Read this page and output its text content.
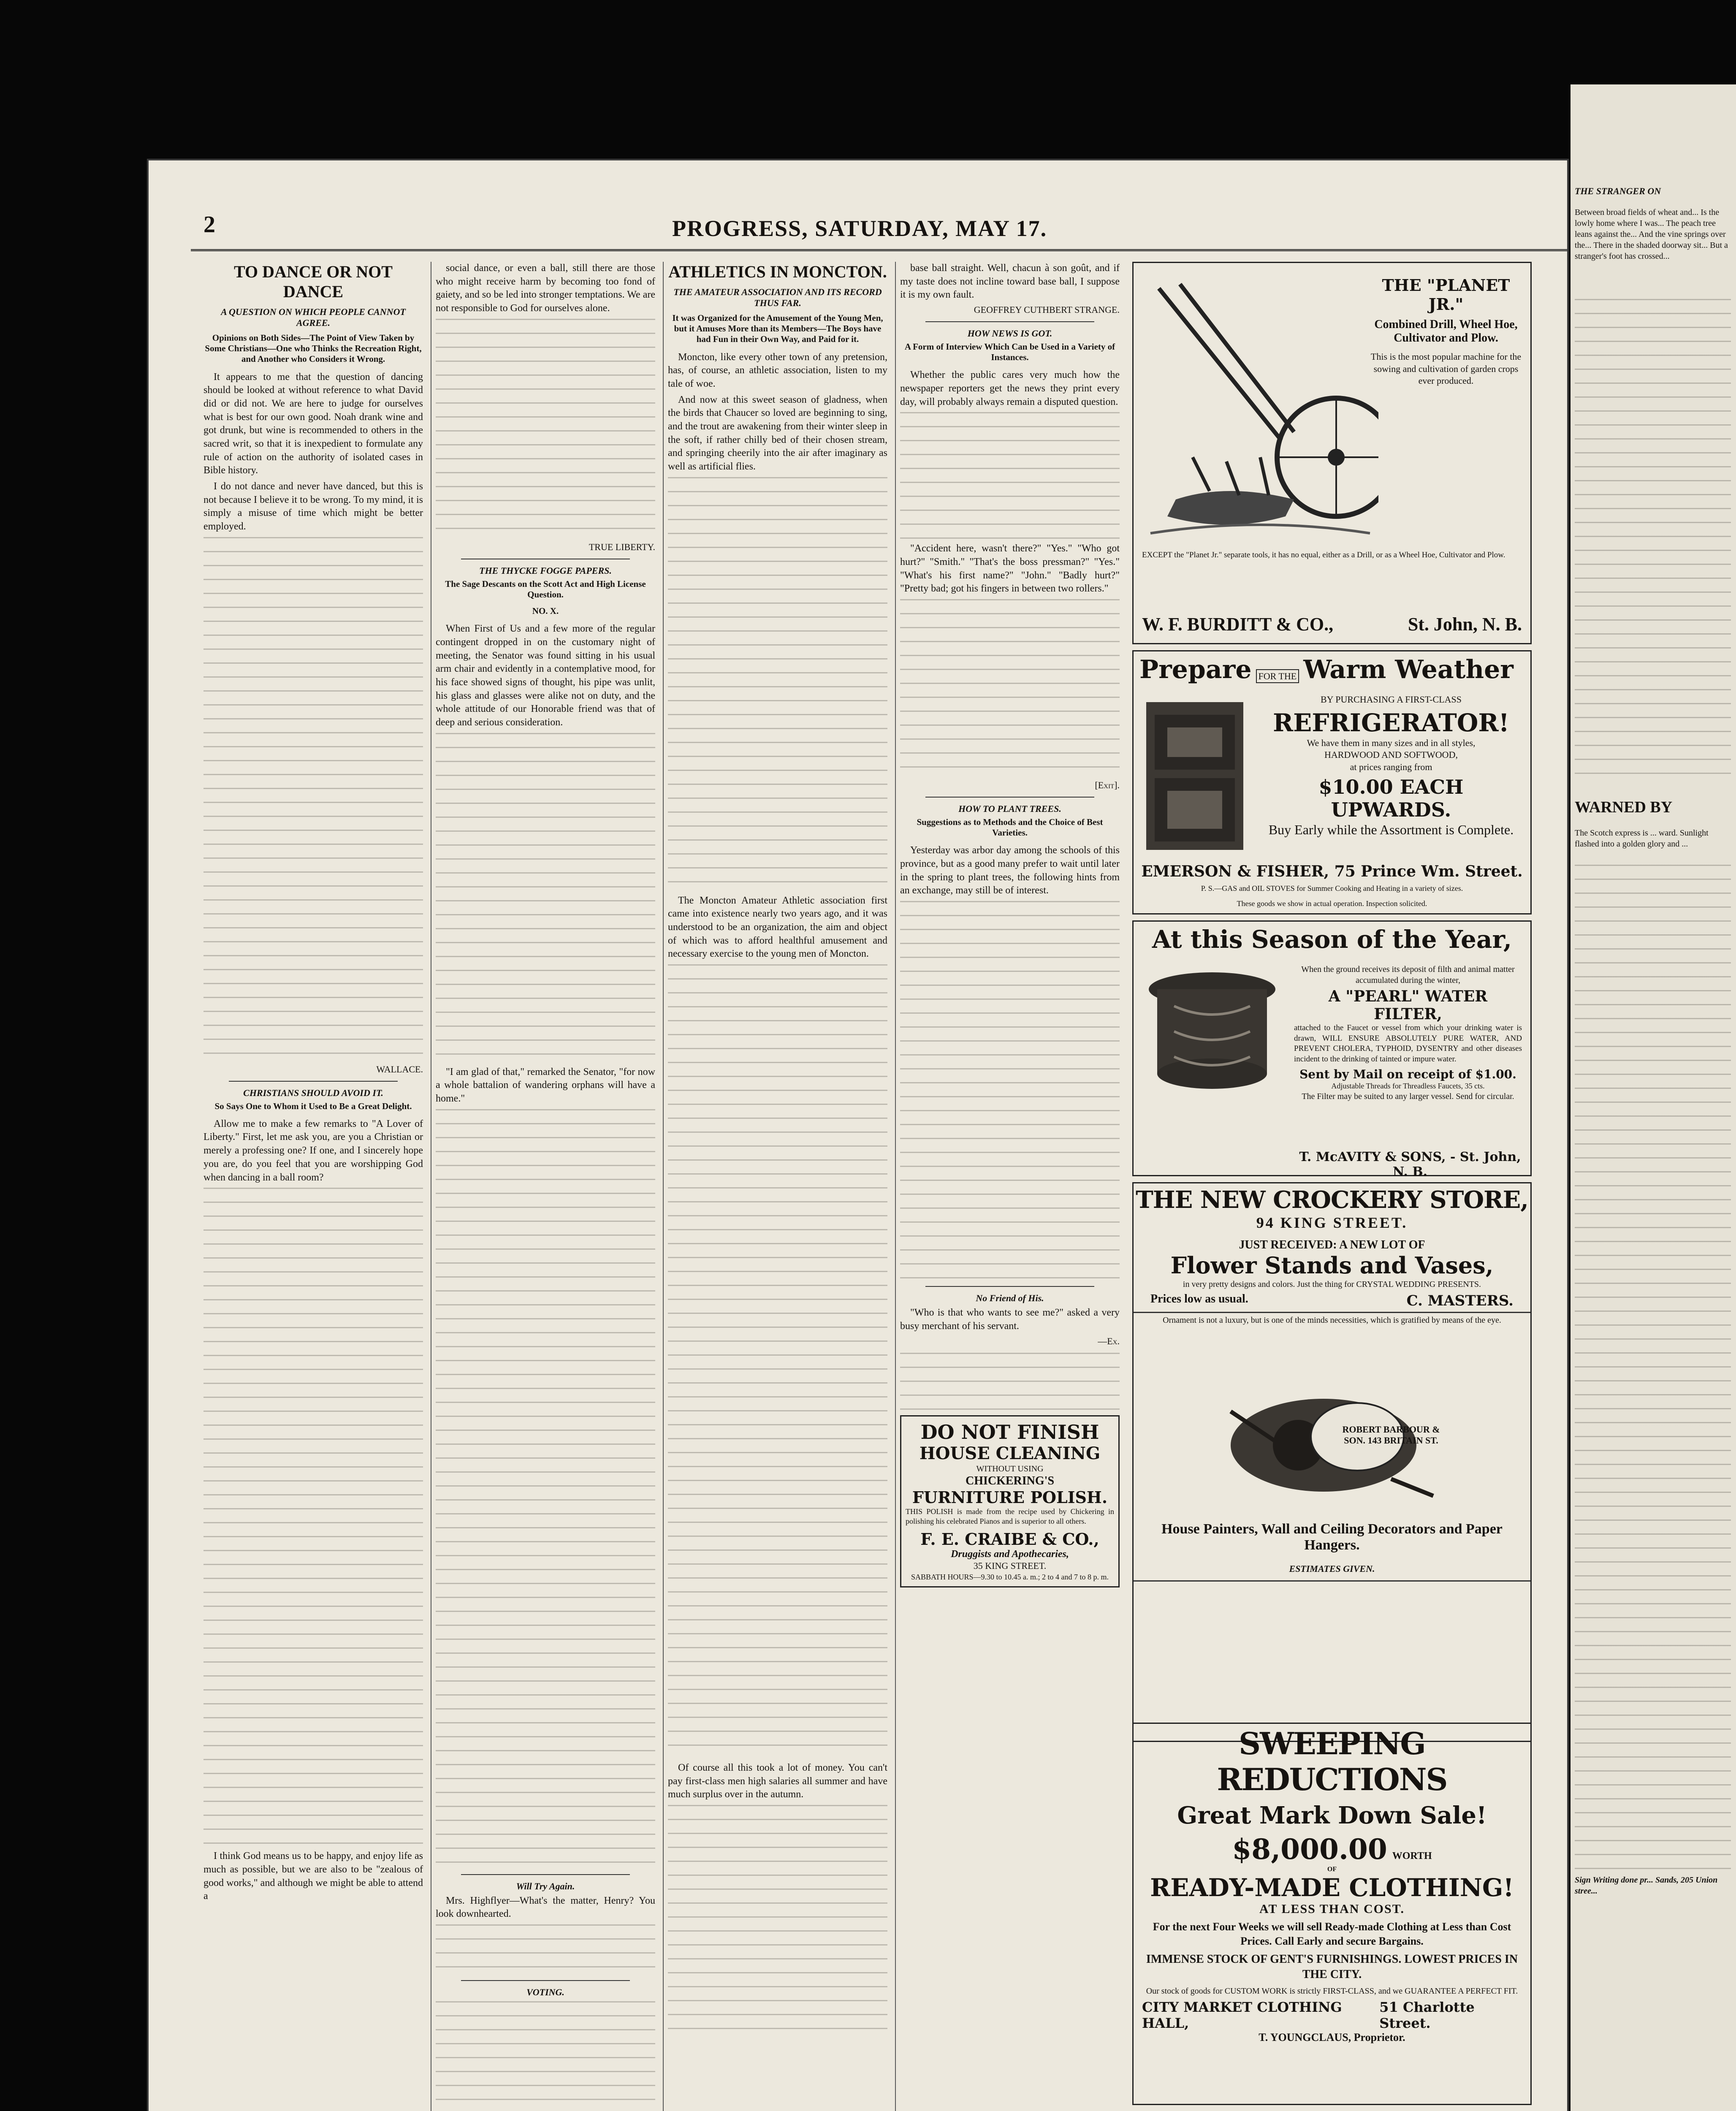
2	PROGRESS, SATURDAY, MAY 17.
TO DANCE OR NOT DANCE
A QUESTION ON WHICH PEOPLE CANNOT AGREE.
Opinions on Both Sides—The Point of View Taken by Some Christians—One who Thinks the Recreation Right, and Another who Considers it Wrong.

It appears to me that the question of dancing should be looked at without reference to what David did or did not. We are here to judge for ourselves what is best for our own good. Noah drank wine and got drunk, but wine is recommended to others in the sacred writ, so that it is inexpedient to formulate any rule of action on the authority of isolated cases in Bible history.

I do not dance and never have danced, but this is not because I believe it to be wrong. To my mind, it is simply a misuse of time which might be better employed.

WALLACE.
CHRISTIANS SHOULD AVOID IT.
So Says One to Whom it Used to Be a Great Delight.

Allow me to make a few remarks to "A Lover of Liberty." First, let me ask you, are you a Christian or merely a professing one? If one, and I sincerely hope you are, do you feel that you are worshipping God when dancing in a ball room?

I think God means us to be happy, and enjoy life as much as possible, but we are also to be "zealous of good works," and although we might be able to attend a

social dance, or even a ball, still there are those who might receive harm by becoming too fond of gaiety, and so be led into stronger temptations. We are not responsible to God for ourselves alone.

TRUE LIBERTY.
THE THYCKE FOGGE PAPERS.
The Sage Descants on the Scott Act and High License Question.
NO. X.

When First of Us and a few more of the regular contingent dropped in on the customary night of meeting, the Senator was found sitting in his usual arm chair and evidently in a contemplative mood, for his face showed signs of thought, his pipe was unlit, his glass and glasses were alike not on duty, and the whole attitude of our Honorable friend was that of deep and serious consideration.

"I am glad of that," remarked the Senator, "for now a whole battalion of wandering orphans will have a home."

Will Try Again.

Mrs. Highflyer—What's the matter, Henry? You look downhearted.

VOTING.
ATHLETICS IN MONCTON.
THE AMATEUR ASSOCIATION AND ITS RECORD THUS FAR.
It was Organized for the Amusement of the Young Men, but it Amuses More than its Members—The Boys have had Fun in their Own Way, and Paid for it.

Moncton, like every other town of any pretension, has, of course, an athletic association, listen to my tale of woe.

And now at this sweet season of gladness, when the birds that Chaucer so loved are beginning to sing, and the trout are awakening from their winter sleep in the soft, if rather chilly bed of their chosen stream, and springing cheerily into the air after imaginary as well as artificial flies.

The Moncton Amateur Athletic association first came into existence nearly two years ago, and it was understood to be an organization, the aim and object of which was to afford healthful amusement and necessary exercise to the young men of Moncton.

Of course all this took a lot of money. You can't pay first-class men high salaries all summer and have much surplus over in the autumn.

base ball straight. Well, chacun à son goût, and if my taste does not incline toward base ball, I suppose it is my own fault.

GEOFFREY CUTHBERT STRANGE.
HOW NEWS IS GOT.
A Form of Interview Which Can be Used in a Variety of Instances.

Whether the public cares very much how the newspaper reporters get the news they print every day, will probably always remain a disputed question.

"Accident here, wasn't there?" "Yes." "Who got hurt?" "Smith." "That's the boss pressman?" "Yes." "What's his first name?" "John." "Badly hurt?" "Pretty bad; got his fingers in between two rollers."

[Exit].
HOW TO PLANT TREES.
Suggestions as to Methods and the Choice of Best Varieties.

Yesterday was arbor day among the schools of this province, but as a good many prefer to wait until later in the spring to plant trees, the following hints from an exchange, may still be of interest.

No Friend of His.

"Who is that who wants to see me?" asked a very busy merchant of his servant.

—Ex.
DO NOT FINISH
HOUSE CLEANING
WITHOUT USING
CHICKERING'S
FURNITURE POLISH.
THIS POLISH is made from the recipe used by Chickering in polishing his celebrated Pianos and is superior to all others.
F. E. CRAIBE & CO.,
Druggists and Apothecaries,
35 KING STREET.
SABBATH HOURS—9.30 to 10.45 a. m.; 2 to 4 and 7 to 8 p. m.
THE "PLANET JR."
Combined Drill, Wheel Hoe, Cultivator and Plow.
This is the most popular machine for the sowing and cultivation of garden crops ever produced.
EXCEPT the "Planet Jr." separate tools, it has no equal, either as a Drill, or as a Wheel Hoe, Cultivator and Plow.
W. F. BURDITT & CO.,	St. John, N. B.
Prepare FOR THE Warm Weather
BY PURCHASING A FIRST-CLASS
REFRIGERATOR!
We have them in many sizes and in all styles,
HARDWOOD AND SOFTWOOD,
at prices ranging from
$10.00 EACH UPWARDS.
Buy Early while the Assortment is Complete.
EMERSON & FISHER, 75 Prince Wm. Street.
P. S.—GAS and OIL STOVES for Summer Cooking and Heating in a variety of sizes.
These goods we show in actual operation. Inspection solicited.
At this Season of the Year,
When the ground receives its deposit of filth and animal matter accumulated during the winter,
A "PEARL" WATER FILTER,
attached to the Faucet or vessel from which your drinking water is drawn, WILL ENSURE ABSOLUTELY PURE WATER, AND PREVENT CHOLERA, TYPHOID, DYSENTRY and other diseases incident to the drinking of tainted or impure water.
Sent by Mail on receipt of $1.00.
Adjustable Threads for Threadless Faucets, 35 cts.
The Filter may be suited to any larger vessel. Send for circular.
T. McAVITY & SONS, - St. John, N. B.
THE NEW CROCKERY STORE,
94 KING STREET.
JUST RECEIVED: A NEW LOT OF
Flower Stands and Vases,
in very pretty designs and colors. Just the thing for CRYSTAL WEDDING PRESENTS.
Prices low as usual.	C. MASTERS.
Ornament is not a luxury, but is one of the minds necessities, which is gratified by means of the eye.
ROBERT BARBOUR & SON. 143 BRITAIN ST.
House Painters, Wall and Ceiling Decorators and Paper Hangers.
ESTIMATES GIVEN.
SWEEPING REDUCTIONS
Great Mark Down Sale!
$8,000.00 WORTH
OF
READY-MADE CLOTHING!
AT LESS THAN COST.
For the next Four Weeks we will sell Ready-made Clothing at Less than Cost Prices. Call Early and secure Bargains.
IMMENSE STOCK OF GENT'S FURNISHINGS. LOWEST PRICES IN THE CITY.
Our stock of goods for CUSTOM WORK is strictly FIRST-CLASS, and we GUARANTEE A PERFECT FIT.
CITY MARKET CLOTHING HALL,
51 Charlotte Street.
T. YOUNGCLAUS, Proprietor.
THE STRANGER ON
Between broad fields of wheat and... Is the lowly home where I was... The peach tree leans against the... And the vine springs over the... There in the shaded doorway sit... But a stranger's foot has crossed...
WARNED BY
The Scotch express is ... ward. Sunlight flashed into a golden glory and ...
Sign Writing done pr... Sands, 205 Union stree...
